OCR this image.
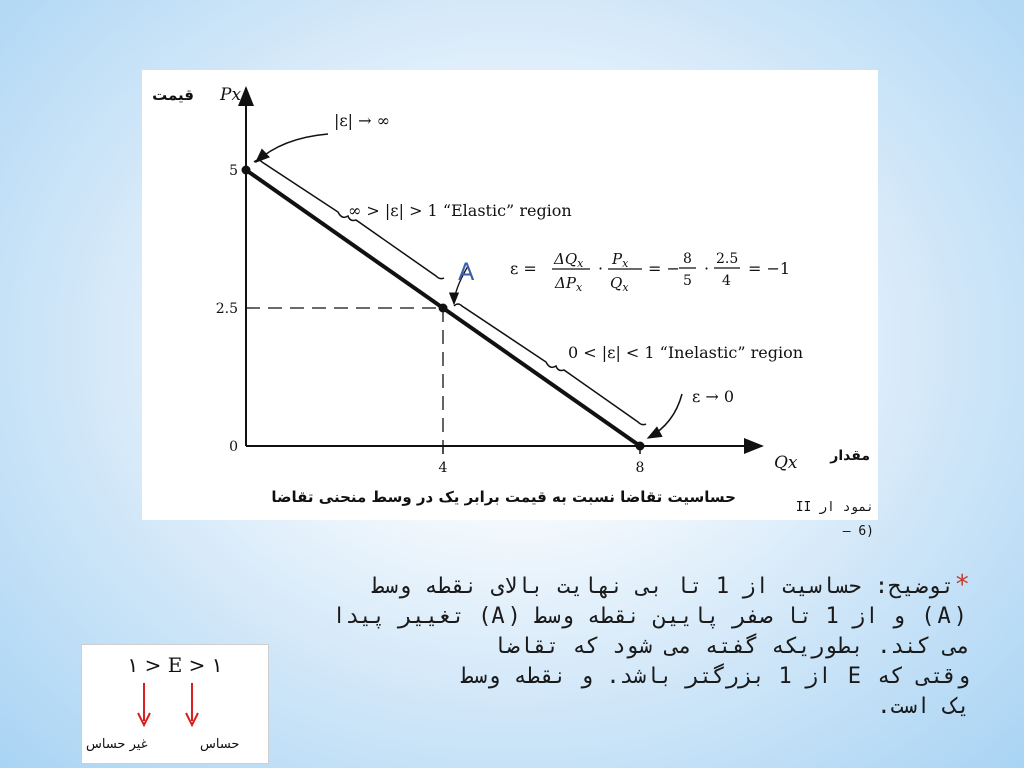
5
2.5
0
4	8
Px
قیمت
Qx مقدار
|ε| → ∞
∞ > |ε| > 1 “Elastic” region
0 < |ε| < 1 “Inelastic” region
ε → 0
$\varepsilon = \Delta Q_x$
$\Delta P_x$
· $P_x$
$Q_x$
= − 8
5
· 2.5
4
= −1
A
حساسیت تقاضا نسبت به قیمت برابر یک در وسط منحنی تقاضا
نمود ار II
(6 –

*توضیح: حساسیت از 1 تا بی نهایت بالای نقطه وسط

(A) و از 1 تا صفر پایین نقطه وسط (A) تغییر پیدا

می کند. بطوریکه گفته می شود که تقاضا

وقتی که E از 1 بزرگتر باشد. و نقطه وسط

یک است.

۱ > E > ۱
حساس
غیر حساس
